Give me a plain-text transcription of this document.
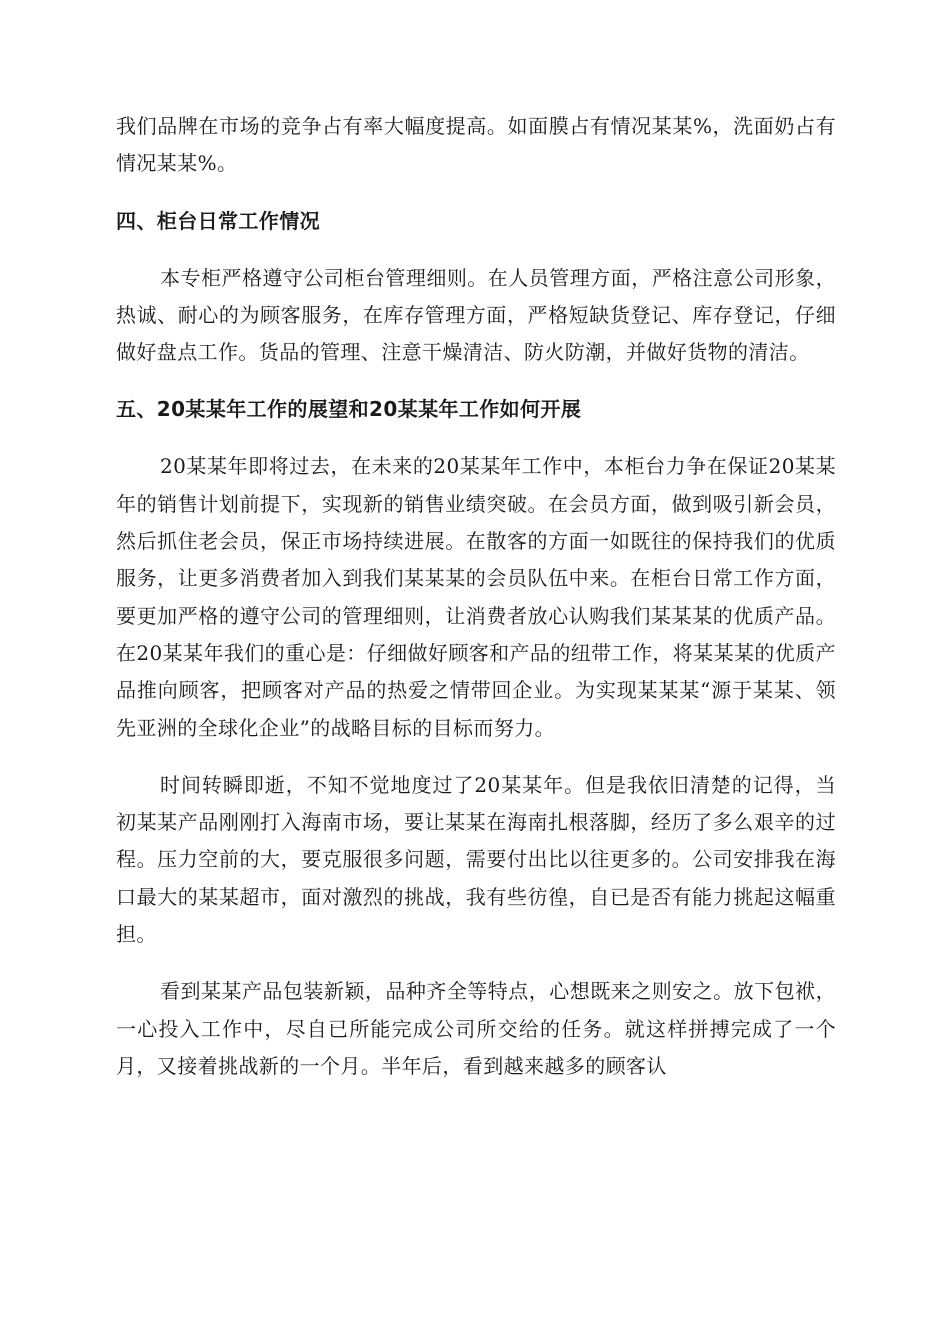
我们品牌在市场的竞争占有率大幅度提高。如面膜占有情况某某%，洗面奶占有情况某某%。

四、柜台日常工作情况

本专柜严格遵守公司柜台管理细则。在人员管理方面，严格注意公司形象，热诚、耐心的为顾客服务，在库存管理方面，严格短缺货登记、库存登记，仔细做好盘点工作。货品的管理、注意干燥清洁、防火防潮，并做好货物的清洁。

五、20某某年工作的展望和20某某年工作如何开展

20某某年即将过去，在未来的20某某年工作中，本柜台力争在保证20某某年的销售计划前提下，实现新的销售业绩突破。在会员方面，做到吸引新会员，然后抓住老会员，保正市场持续进展。在散客的方面一如既往的保持我们的优质服务，让更多消费者加入到我们某某某的会员队伍中来。在柜台日常工作方面，要更加严格的遵守公司的管理细则，让消费者放心认购我们某某某的优质产品。在20某某年我们的重心是：仔细做好顾客和产品的纽带工作，将某某某的优质产品推向顾客，把顾客对产品的热爱之情带回企业。为实现某某某“源于某某、领先亚洲的全球化企业”的战略目标的目标而努力。

时间转瞬即逝，不知不觉地度过了20某某年。但是我依旧清楚的记得，当初某某产品刚刚打入海南市场，要让某某在海南扎根落脚，经历了多么艰辛的过程。压力空前的大，要克服很多问题，需要付出比以往更多的。公司安排我在海口最大的某某超市，面对激烈的挑战，我有些彷徨，自已是否有能力挑起这幅重担。

看到某某产品包装新颖，品种齐全等特点，心想既来之则安之。放下包袱，一心投入工作中，尽自已所能完成公司所交给的任务。就这样拼搏完成了一个月，又接着挑战新的一个月。半年后，看到越来越多的顾客认
